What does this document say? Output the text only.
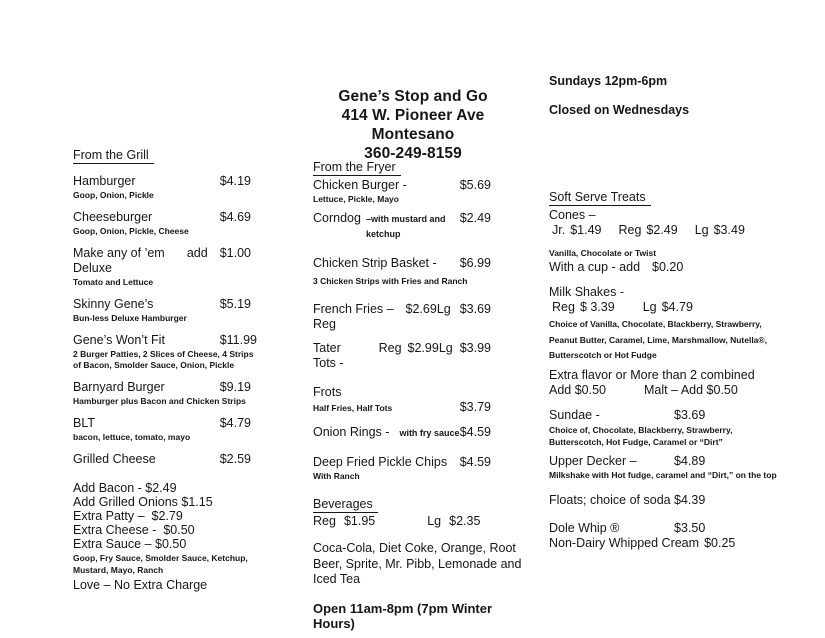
Gene’s Stop and Go
414 W. Pioneer Ave
Montesano
360-249-8159
Sundays 12pm-6pm
Closed on Wednesdays
From the Grill
Hamburger	$4.19
Goop, Onion, Pickle
Cheeseburger	$4.69
Goop, Onion, Pickle, Cheese
Make any of ’em Deluxe
add $1.00
Tomato and Lettuce
Skinny Gene’s	$5.19
Bun-less Deluxe Hamburger
Gene’s Won’t Fit	$11.99
2 Burger Patties, 2 Slices of Cheese, 4 Strips of Bacon, Smolder Sauce, Onion, Pickle
Barnyard Burger	$9.19
Hamburger plus Bacon and Chicken Strips
BLT	$4.79
bacon, lettuce, tomato, mayo
Grilled Cheese	$2.59
Add Bacon - $2.49
Add Grilled Onions $1.15
Extra Patty –  $2.79
Extra Cheese -  $0.50
Extra Sauce – $0.50
Goop, Fry Sauce, Smolder Sauce, Ketchup, Mustard, Mayo, Ranch
Love – No Extra Charge
From the Fryer
Chicken Burger -	$5.69
Lettuce, Pickle, Mayo
Corndog –with mustard and ketchup
$2.49
Chicken Strip Basket - $6.99
3 Chicken Strips with Fries and Ranch
French Fries – Reg
$2.69 Lg $3.69
Tater Tots -
Reg $2.99 Lg $3.99
Frots
Half Fries, Half Tots	$3.79
Onion Rings - with fry sauce $4.59
Deep Fried Pickle Chips $4.59
With Ranch
Beverages
Reg $1.95	Lg $2.35
Coca-Cola, Diet Coke, Orange, Root Beer, Sprite, Mr. Pibb, Lemonade and Iced Tea
Open 11am-8pm (7pm Winter Hours)
Soft Serve Treats
Cones –
Jr. $1.49 Reg $2.49 Lg $3.49
Vanilla, Chocolate or Twist
With a cup - add $0.20
Milk Shakes -
Reg $ 3.39 Lg $4.79
Choice of Vanilla, Chocolate, Blackberry, Strawberry, Peanut Butter, Caramel, Lime, Marshmallow, Nutella®, Butterscotch or Hot Fudge
Extra flavor or More than 2 combined
Add $0.50	Malt – Add $0.50
Sundae -	$3.69
Choice of, Chocolate, Blackberry, Strawberry, Butterscotch, Hot Fudge, Caramel or “Dirt”
Upper Decker –	$4.89
Milkshake with Hot fudge, caramel and “Dirt,” on the top
Floats; choice of soda $4.39
Dole Whip ®	$3.50
Non-Dairy Whipped Cream $0.25
